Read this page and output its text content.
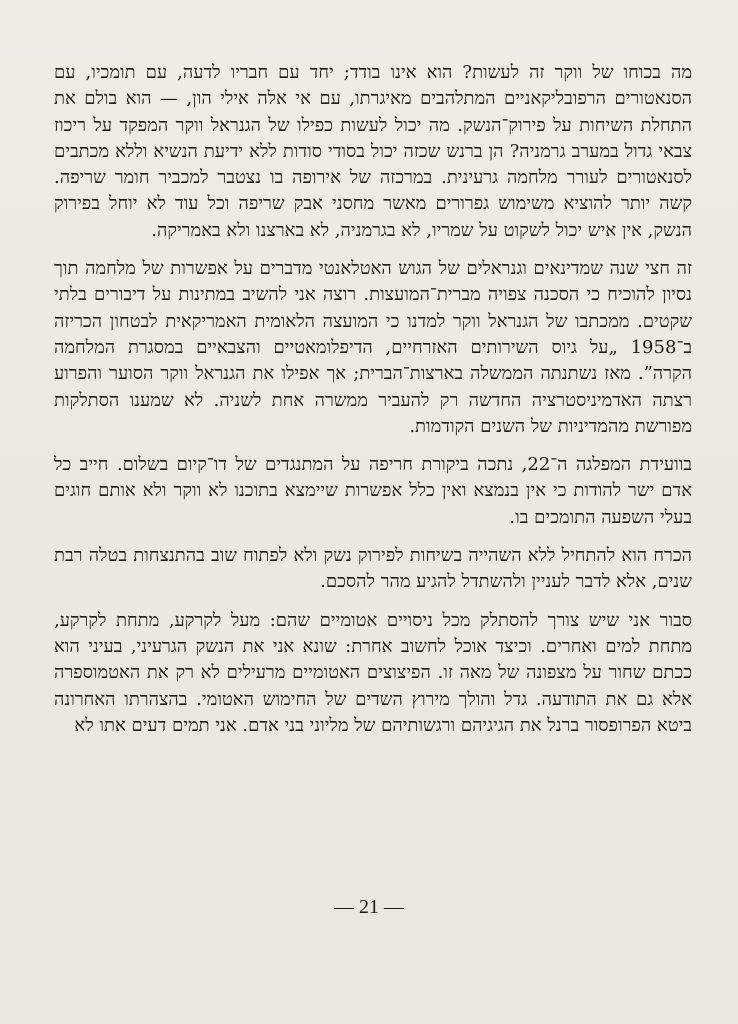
מה בכוחו של ווקר זה לעשות? הוא אינו בודד; יחד עם חבריו לדעה, עם תומכיו, עם הסנאטורים הרפובליקאניים המתלהבים מאיגרתו, עם אי אלה אילי הון, — הוא בולם את התחלת השיחות על פירוק־הנשק. מה יכול לעשות כפילו של הגנראל ווקר המפקד על ריכוז צבאי גדול במערב גרמניה? הן ברנש שכזה יכול בסודי סודות ללא ידיעת הנשיא וללא מכתבים לסנאטורים לעורר מלחמה גרעינית. במרכזה של אירופה בו נצטבר למכביר חומר שריפה. קשה יותר להוציא משימוש גפרורים מאשר מחסני אבק שריפה וכל עוד לא יוחל בפירוק הנשק, אין איש יכול לשקוט על שמריו, לא בגרמניה, לא בארצנו ולא באמריקה.

זה חצי שנה שמדינאים וגנראלים של הגוש האטלאנטי מדברים על אפשרות של מלחמה תוך נסיון להוכיח כי הסכנה צפויה מברית־המועצות. רוצה אני להשיב במתינות על דיבורים בלתי שקטים. ממכתבו של הגנראל ווקר למדנו כי המועצה הלאומית האמריקאית לבטחון הכריזה ב־1958 „על גיוס השירותים האזרחיים, הדיפלומאטיים והצבאיים במסגרת המלחמה הקרה”. מאז נשתנתה הממשלה בארצות־הברית; אך אפילו את הגנראל ווקר הסוער והפרוע רצתה האדמיניסטרציה החדשה רק להעביר ממשרה אחת לשניה. לא שמענו הסתלקות מפורשת מהמדיניות של השנים הקודמות.

בוועידת המפלגה ה־22, נתכה ביקורת חריפה על המתנגדים של דו־קיום בשלום. חייב כל אדם ישר להודות כי אין בנמצא ואין כלל אפשרות שיימצא בתוכנו לא ווקר ולא אותם חוגים בעלי השפעה התומכים בו.

הכרח הוא להתחיל ללא השהייה בשיחות לפירוק נשק ולא לפתוח שוב בהתנצחות בטלה רבת שנים, אלא לדבר לעניין ולהשתדל להגיע מהר להסכם.

סבור אני שיש צורך להסתלק מכל ניסויים אטומיים שהם: מעל לקרקע, מתחת לקרקע, מתחת למים ואחרים. וכיצד אוכל לחשוב אחרת: שונא אני את הנשק הגרעיני, בעיני הוא ככתם שחור על מצפונה של מאה זו. הפיצוצים האטומיים מרעילים לא רק את האטמוספרה אלא גם את התודעה. גדל והולך מירוץ השדים של החימוש האטומי. בהצהרתו האחרונה ביטא הפרופסור ברנל את הגיגיהם ורגשותיהם של מליוני בני אדם. אני תמים דעים אתו לא

— 21 —
